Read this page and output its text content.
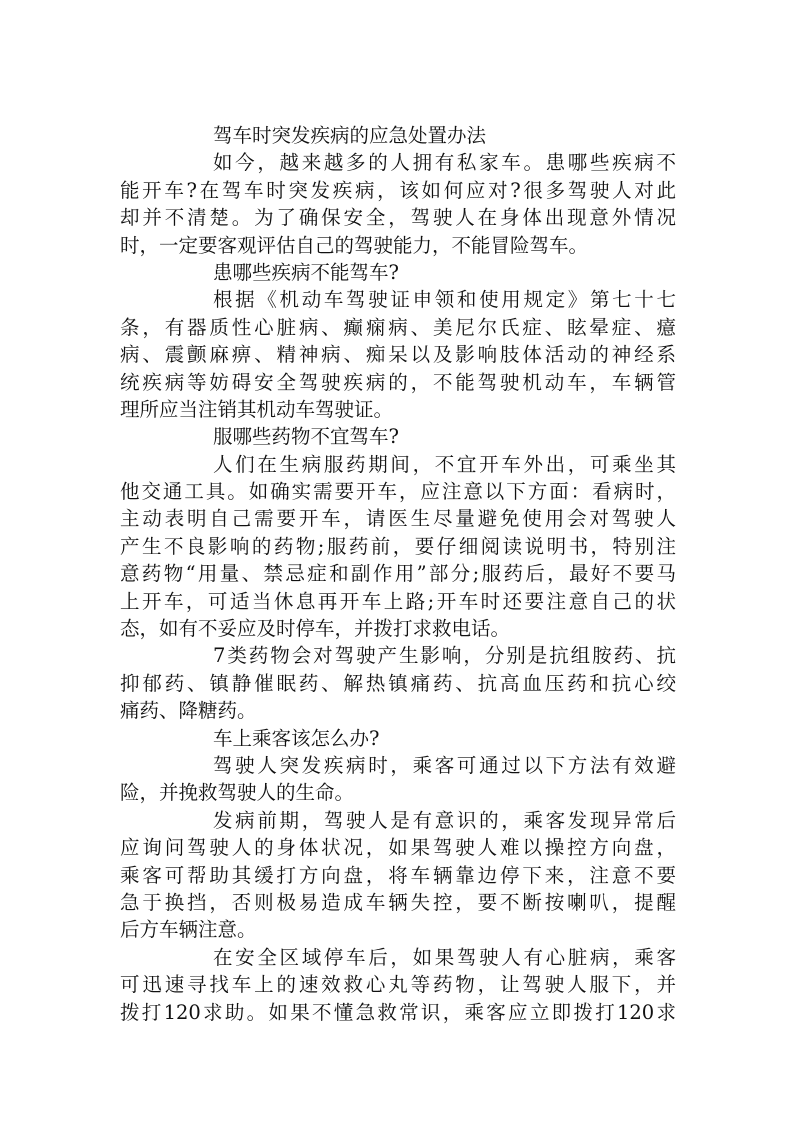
驾车时突发疾病的应急处置办法
如今，越来越多的人拥有私家车。患哪些疾病不
能开车?在驾车时突发疾病，该如何应对?很多驾驶人对此
却并不清楚。为了确保安全，驾驶人在身体出现意外情况
时，一定要客观评估自己的驾驶能力，不能冒险驾车。
患哪些疾病不能驾车?
根据《机动车驾驶证申领和使用规定》第七十七
条，有器质性心脏病、癫痫病、美尼尔氏症、眩晕症、癔
病、震颤麻痹、精神病、痴呆以及影响肢体活动的神经系
统疾病等妨碍安全驾驶疾病的，不能驾驶机动车，车辆管
理所应当注销其机动车驾驶证。
服哪些药物不宜驾车?
人们在生病服药期间，不宜开车外出，可乘坐其
他交通工具。如确实需要开车，应注意以下方面：看病时，
主动表明自己需要开车，请医生尽量避免使用会对驾驶人
产生不良影响的药物;服药前，要仔细阅读说明书，特别注
意药物“用量、禁忌症和副作用”部分;服药后，最好不要马
上开车，可适当休息再开车上路;开车时还要注意自己的状
态，如有不妥应及时停车，并拨打求救电话。
7类药物会对驾驶产生影响，分别是抗组胺药、抗
抑郁药、镇静催眠药、解热镇痛药、抗高血压药和抗心绞
痛药、降糖药。
车上乘客该怎么办?
驾驶人突发疾病时，乘客可通过以下方法有效避
险，并挽救驾驶人的生命。
发病前期，驾驶人是有意识的，乘客发现异常后
应询问驾驶人的身体状况，如果驾驶人难以操控方向盘，
乘客可帮助其缓打方向盘，将车辆靠边停下来，注意不要
急于换挡，否则极易造成车辆失控，要不断按喇叭，提醒
后方车辆注意。
在安全区域停车后，如果驾驶人有心脏病，乘客
可迅速寻找车上的速效救心丸等药物，让驾驶人服下，并
拨打120求助。如果不懂急救常识，乘客应立即拨打120求
